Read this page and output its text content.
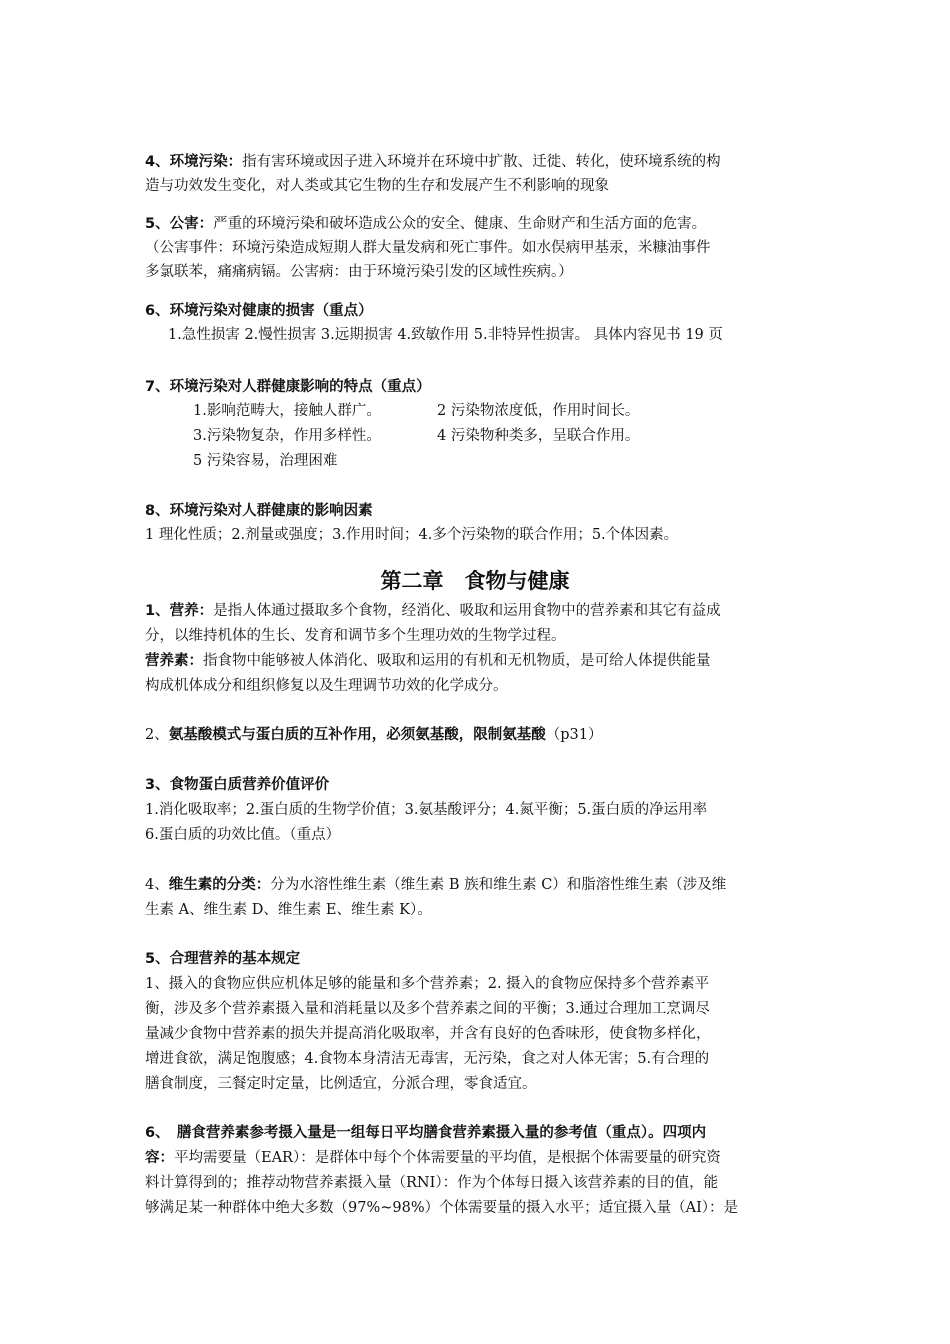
4、环境污染：指有害环境或因子进入环境并在环境中扩散、迁徙、转化，使环境系统的构
造与功效发生变化，对人类或其它生物的生存和发展产生不利影响的现象
5、公害：严重的环境污染和破坏造成公众的安全、健康、生命财产和生活方面的危害。
（公害事件：环境污染造成短期人群大量发病和死亡事件。如水俣病甲基汞，米糠油事件
多氯联苯，痛痛病镉。公害病：由于环境污染引发的区域性疾病。）
6、环境污染对健康的损害（重点）
1.急性损害 2.慢性损害 3.远期损害 4.致敏作用 5.非特异性损害。 具体内容见书 19 页
7、环境污染对人群健康影响的特点（重点）
1.影响范畴大，接触人群广。	2 污染物浓度低，作用时间长。
3.污染物复杂，作用多样性。	4 污染物种类多，呈联合作用。
5 污染容易，治理困难
8、环境污染对人群健康的影响因素
1 理化性质；2.剂量或强度；3.作用时间；4.多个污染物的联合作用；5.个体因素。
第二章　食物与健康
1、营养：是指人体通过摄取多个食物，经消化、吸取和运用食物中的营养素和其它有益成
分，以维持机体的生长、发育和调节多个生理功效的生物学过程。
营养素：指食物中能够被人体消化、吸取和运用的有机和无机物质，是可给人体提供能量
构成机体成分和组织修复以及生理调节功效的化学成分。
2、氨基酸模式与蛋白质的互补作用，必须氨基酸，限制氨基酸（p31）
3、食物蛋白质营养价值评价
1.消化吸取率；2.蛋白质的生物学价值；3.氨基酸评分；4.氮平衡；5.蛋白质的净运用率
6.蛋白质的功效比值。（重点）
4、维生素的分类：分为水溶性维生素（维生素 B 族和维生素 C）和脂溶性维生素（涉及维
生素 A、维生素 D、维生素 E、维生素 K）。
5、合理营养的基本规定
1、摄入的食物应供应机体足够的能量和多个营养素；2. 摄入的食物应保持多个营养素平
衡，涉及多个营养素摄入量和消耗量以及多个营养素之间的平衡；3.通过合理加工烹调尽
量减少食物中营养素的损失并提高消化吸取率，并含有良好的色香味形，使食物多样化，
增进食欲，满足饱腹感；4.食物本身清洁无毒害，无污染，食之对人体无害；5.有合理的
膳食制度，三餐定时定量，比例适宜，分派合理，零食适宜。
6、　膳食营养素参考摄入量是一组每日平均膳食营养素摄入量的参考值（重点）。四项内
容：平均需要量（EAR）：是群体中每个个体需要量的平均值，是根据个体需要量的研究资
料计算得到的；推荐动物营养素摄入量（RNI）：作为个体每日摄入该营养素的目的值，能
够满足某一种群体中绝大多数（97%~98%）个体需要量的摄入水平；适宜摄入量（AI）：是
